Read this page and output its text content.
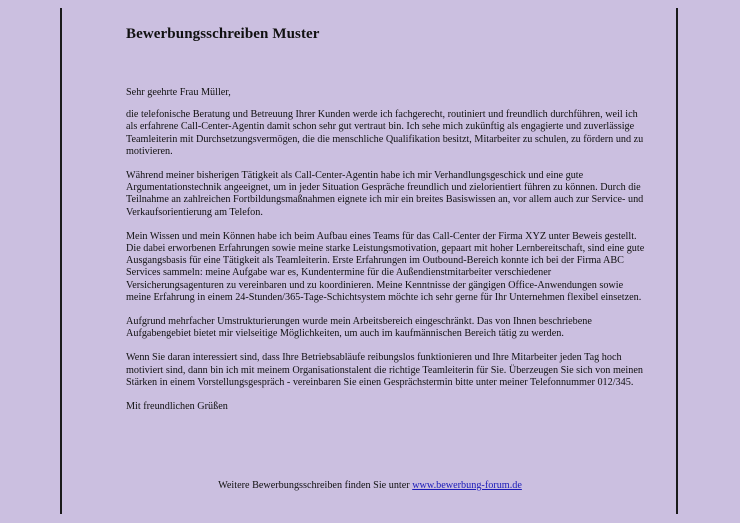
Bewerbungsschreiben Muster

Sehr geehrte Frau Müller,

die telefonische Beratung und Betreuung Ihrer Kunden werde ich fachgerecht, routiniert und freundlich durchführen, weil ich als erfahrene Call-Center-Agentin damit schon sehr gut vertraut bin. Ich sehe mich zukünftig als engagierte und zuverlässige Teamleiterin mit Durchsetzungsvermögen, die die menschliche Qualifikation besitzt, Mitarbeiter zu schulen, zu fördern und zu motivieren.

Während meiner bisherigen Tätigkeit als Call-Center-Agentin habe ich mir Verhandlungsgeschick und eine gute Argumentationstechnik angeeignet, um in jeder Situation Gespräche freundlich und zielorientiert führen zu können. Durch die Teilnahme an zahlreichen Fortbildungsmaßnahmen eignete ich mir ein breites Basiswissen an, vor allem auch zur Service- und Verkaufsorientierung am Telefon.

Mein Wissen und mein Können habe ich beim Aufbau eines Teams für das Call-Center der Firma XYZ unter Beweis gestellt. Die dabei erworbenen Erfahrungen sowie meine starke Leistungsmotivation, gepaart mit hoher Lernbereitschaft, sind eine gute Ausgangsbasis für eine Tätigkeit als Teamleiterin. Erste Erfahrungen im Outbound-Bereich konnte ich bei der Firma ABC Services sammeln: meine Aufgabe war es, Kundentermine für die Außendienstmitarbeiter verschiedener Versicherungsagenturen zu vereinbaren und zu koordinieren. Meine Kenntnisse der gängigen Office-Anwendungen sowie meine Erfahrung in einem 24-Stunden/365-Tage-Schichtsystem möchte ich sehr gerne für Ihr Unternehmen flexibel einsetzen.

Aufgrund mehrfacher Umstrukturierungen wurde mein Arbeitsbereich eingeschränkt. Das von Ihnen beschriebene Aufgabengebiet bietet mir vielseitige Möglichkeiten, um auch im kaufmännischen Bereich tätig zu werden.

Wenn Sie daran interessiert sind, dass Ihre Betriebsabläufe reibungslos funktionieren und Ihre Mitarbeiter jeden Tag hoch motiviert sind, dann bin ich mit meinem Organisationstalent die richtige Teamleiterin für Sie. Überzeugen Sie sich von meinen Stärken in einem Vorstellungsgespräch - vereinbaren Sie einen Gesprächstermin bitte unter meiner Telefonnummer 012/345.

Mit freundlichen Grüßen

Weitere Bewerbungsschreiben finden Sie unter www.bewerbung-forum.de
